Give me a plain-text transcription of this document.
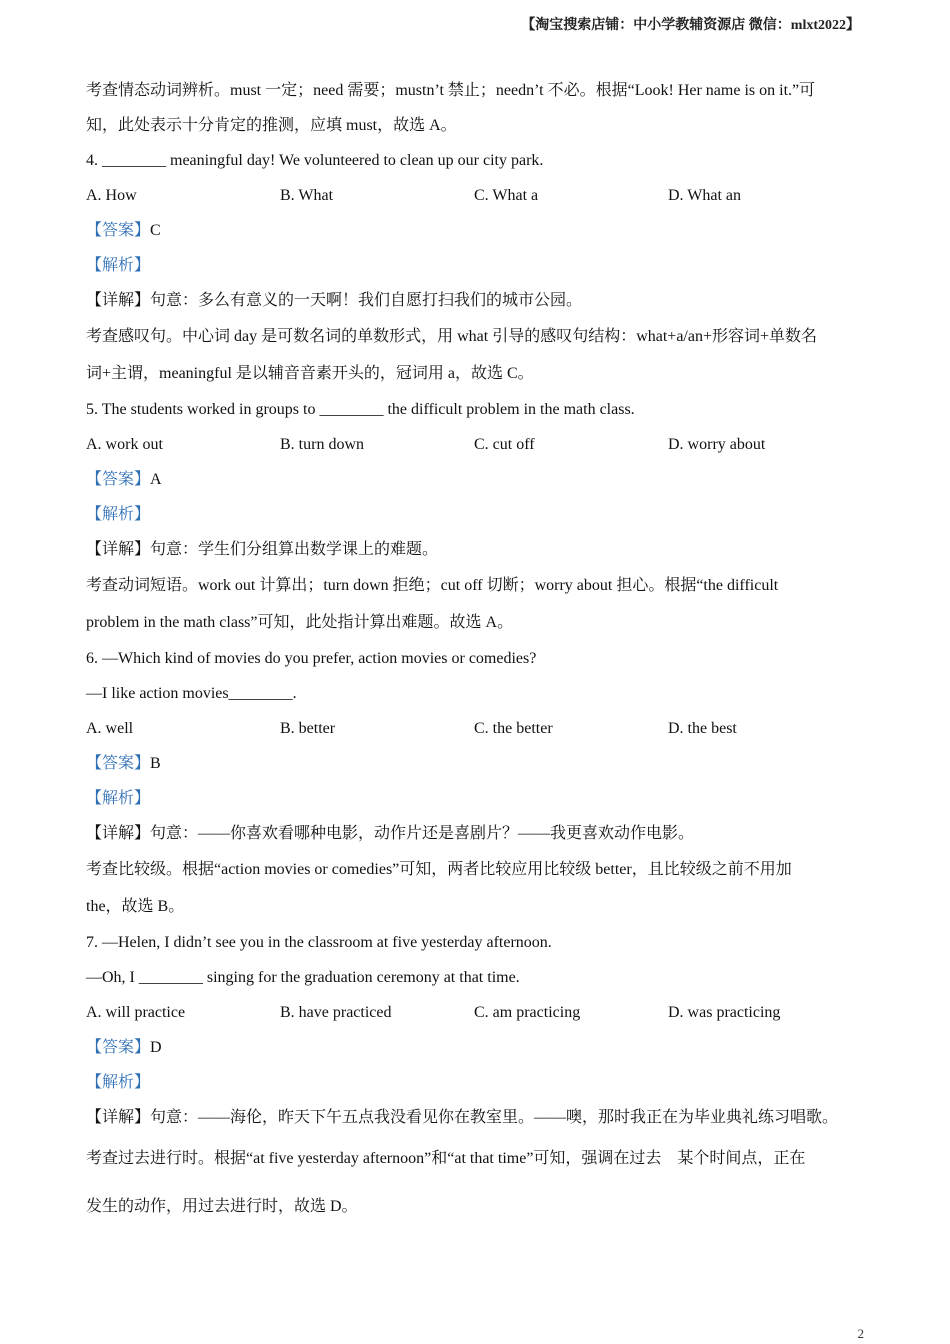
【淘宝搜索店铺：中小学教辅资源店 微信：mlxt2022】

考查情态动词辨析。must 一定；need 需要；mustn’t 禁止；needn’t 不必。根据“Look! Her name is on it.”可

知，此处表示十分肯定的推测，应填 must，故选 A。

4. ________ meaningful day! We volunteered to clean up our city park.

A. How	B. What	C. What a	D. What an

【答案】C

【解析】

【详解】句意：多么有意义的一天啊！我们自愿打扫我们的城市公园。

考查感叹句。中心词 day 是可数名词的单数形式，用 what 引导的感叹句结构：what+a/an+形容词+单数名

词+主谓，meaningful 是以辅音音素开头的，冠词用 a，故选 C。

5. The students worked in groups to ________ the difficult problem in the math class.

A. work out	B. turn down	C. cut off	D. worry about

【答案】A

【解析】

【详解】句意：学生们分组算出数学课上的难题。

考查动词短语。work out 计算出；turn down 拒绝；cut off 切断；worry about 担心。根据“the difficult

problem in the math class”可知，此处指计算出难题。故选 A。

6. —Which kind of movies do you prefer, action movies or comedies?

—I like action movies________.

A. well	B. better	C. the better	D. the best

【答案】B

【解析】

【详解】句意：——你喜欢看哪种电影，动作片还是喜剧片？——我更喜欢动作电影。

考查比较级。根据“action movies or comedies”可知，两者比较应用比较级 better，且比较级之前不用加

the，故选 B。

7. —Helen, I didn’t see you in the classroom at five yesterday afternoon.

—Oh, I ________ singing for the graduation ceremony at that time.

A. will practice	B. have practiced	C. am practicing	D. was practicing

【答案】D

【解析】

【详解】句意：——海伦，昨天下午五点我没看见你在教室里。——噢，那时我正在为毕业典礼练习唱歌。

考查过去进行时。根据“at five yesterday afternoon”和“at that time”可知，强调在过去　某个时间点，正在

发生的动作，用过去进行时，故选 D。

2
